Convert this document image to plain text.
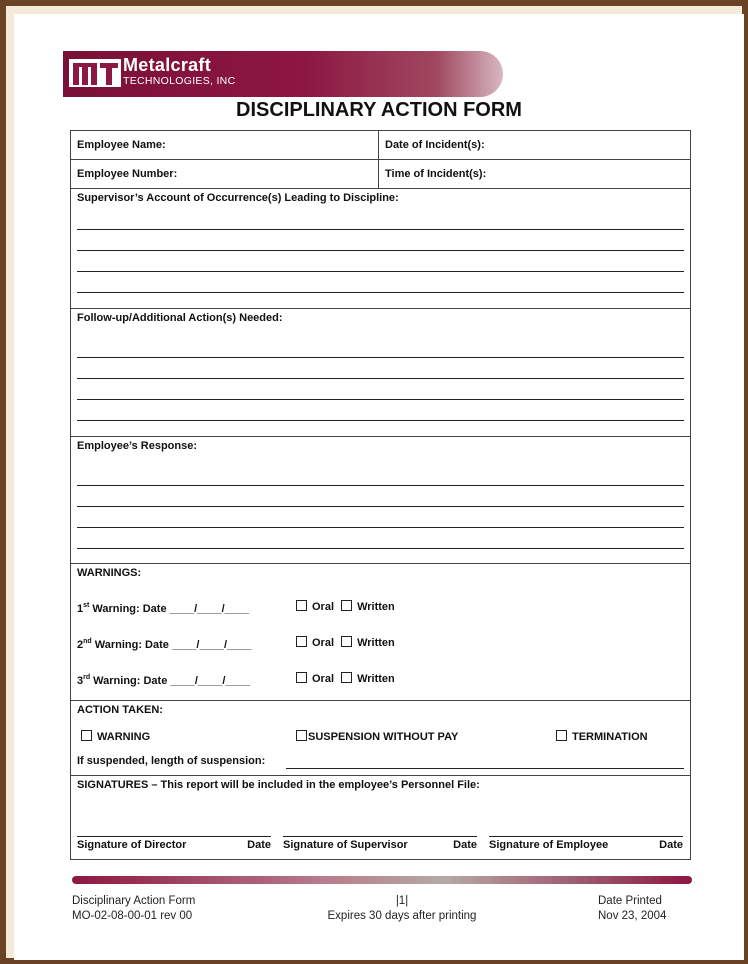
Metalcraft
TECHNOLOGIES, INC
DISCIPLINARY ACTION FORM
Employee Name:	Date of Incident(s):
Employee Number:	Time of Incident(s):
Supervisor’s Account of Occurrence(s) Leading to Discipline:
Follow-up/Additional Action(s) Needed:
Employee’s Response:
WARNINGS:
1st Warning: Date ____/____/____	Oral Written
2nd Warning: Date ____/____/____	Oral Written
3rd Warning: Date ____/____/____	Oral Written
ACTION TAKEN:
WARNING	SUSPENSION WITHOUT PAY	TERMINATION
If suspended, length of suspension:
SIGNATURES – This report will be included in the employee’s Personnel File:
Signature of Director	Date Signature of Supervisor	Date Signature of Employee	Date
Disciplinary Action Form
MO-02-08-00-01 rev 00
|1|
Expires 30 days after printing
Date Printed
Nov 23, 2004
